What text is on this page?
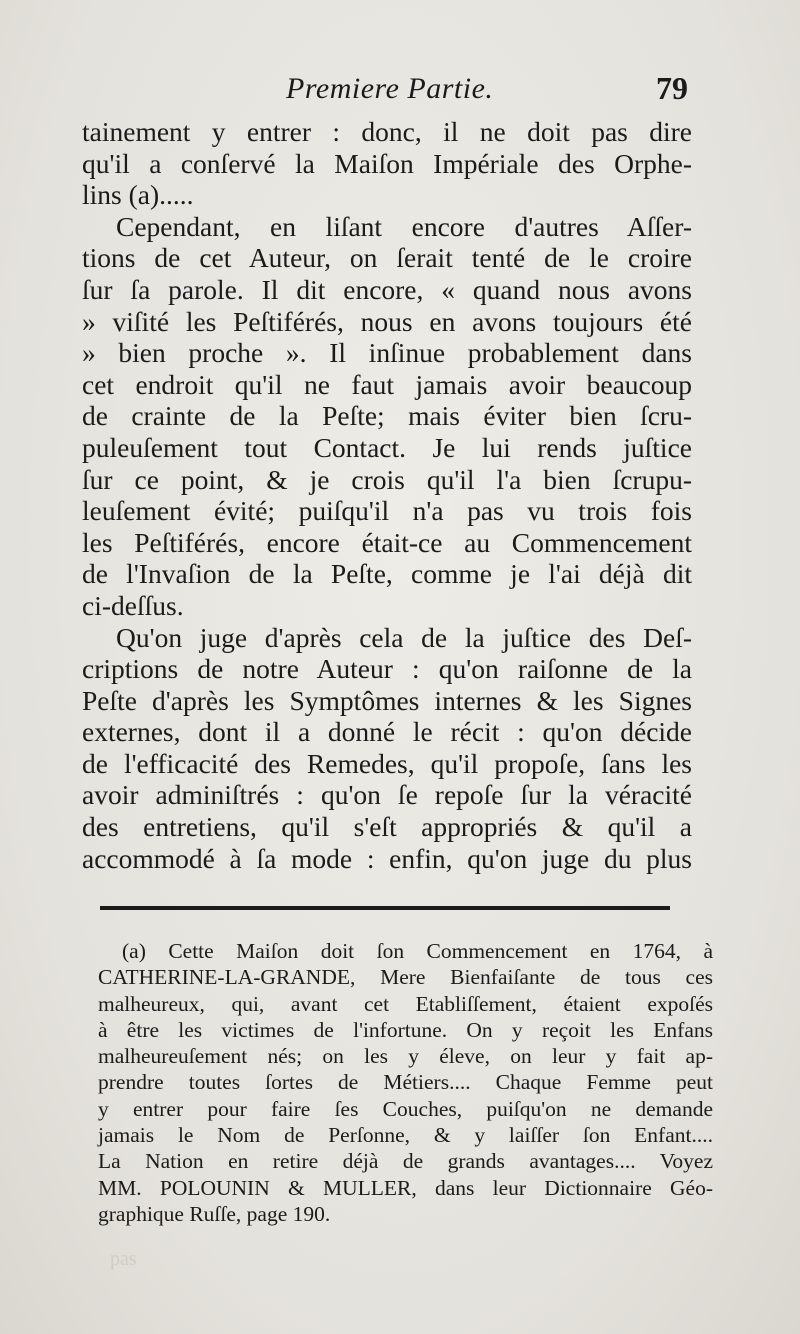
Premiere Partie.	79
tainement y entrer : donc, il ne doit pas dire
qu'il a conſervé la Maiſon Impériale des Orphe-
lins (a).....
Cependant, en liſant encore d'autres Aſſer-
tions de cet Auteur, on ſerait tenté de le croire
ſur ſa parole. Il dit encore, « quand nous avons
» viſité les Peſtiférés, nous en avons toujours été
» bien proche ». Il inſinue probablement dans
cet endroit qu'il ne faut jamais avoir beaucoup
de crainte de la Peſte; mais éviter bien ſcru-
puleuſement tout Contact. Je lui rends juſtice
ſur ce point, & je crois qu'il l'a bien ſcrupu-
leuſement évité; puiſqu'il n'a pas vu trois fois
les Peſtiférés, encore était-ce au Commencement
de l'Invaſion de la Peſte, comme je l'ai déjà dit
ci-deſſus.
Qu'on juge d'après cela de la juſtice des Deſ-
criptions de notre Auteur : qu'on raiſonne de la
Peſte d'après les Symptômes internes & les Signes
externes, dont il a donné le récit : qu'on décide
de l'efficacité des Remedes, qu'il propoſe, ſans les
avoir adminiſtrés : qu'on ſe repoſe ſur la véracité
des entretiens, qu'il s'eſt appropriés & qu'il a
accommodé à ſa mode : enfin, qu'on juge du plus
(a) Cette Maiſon doit ſon Commencement en 1764, à
CATHERINE-LA-GRANDE, Mere Bienfaiſante de tous ces
malheureux, qui, avant cet Etabliſſement, étaient expoſés
à être les victimes de l'infortune. On y reçoit les Enfans
malheureuſement nés; on les y éleve, on leur y fait ap-
prendre toutes ſortes de Métiers.... Chaque Femme peut
y entrer pour faire ſes Couches, puiſqu'on ne demande
jamais le Nom de Perſonne, & y laiſſer ſon Enfant....
La Nation en retire déjà de grands avantages.... Voyez
MM. POLOUNIN & MULLER, dans leur Dictionnaire Géo-
graphique Ruſſe, page 190.
pas
